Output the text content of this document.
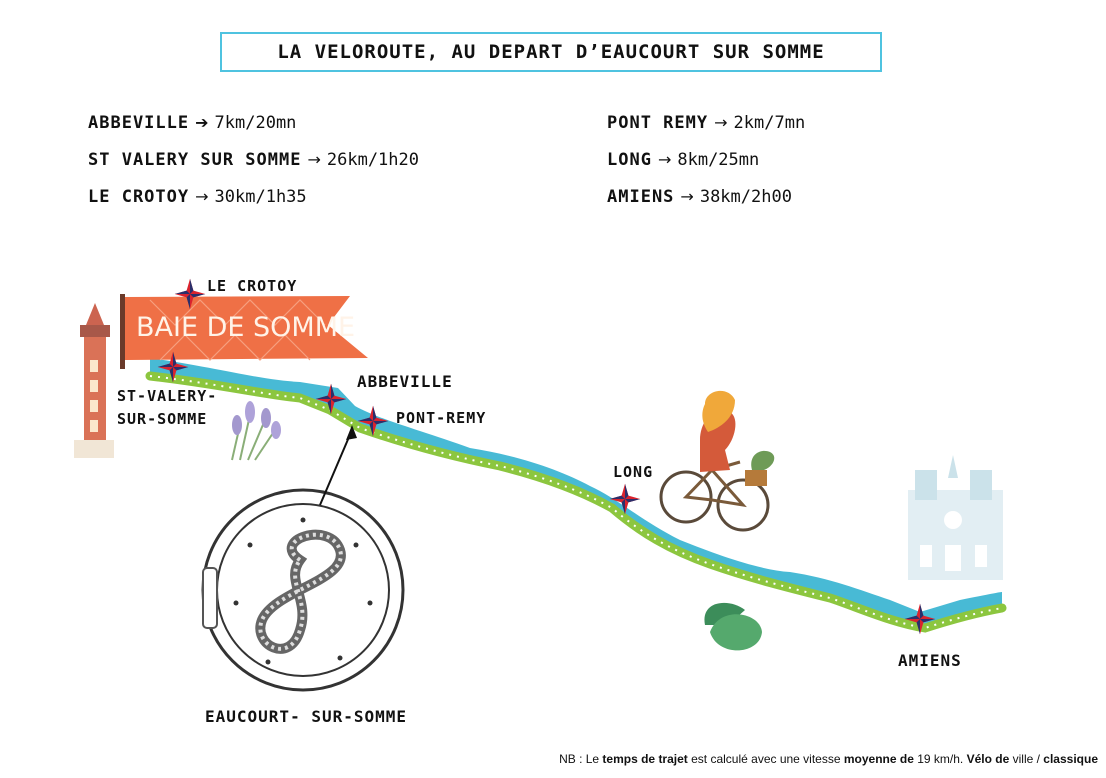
LA VELOROUTE, AU DEPART D’EAUCOURT SUR SOMME
ABBEVILLE ➔ 7km/20mn
ST VALERY SUR SOMME → 26km/1h20
LE CROTOY → 30km/1h35
PONT REMY → 2km/7mn
LONG → 8km/25mn
AMIENS → 38km/2h00
BAIE DE SOMME
LE CROTOY
ST-VALERY-
SUR-SOMME
ABBEVILLE
PONT-REMY
LONG
AMIENS
EAUCOURT- SUR-SOMME
NB : Le temps de trajet est calculé avec une vitesse moyenne de 19 km/h. Vélo de ville / classique
